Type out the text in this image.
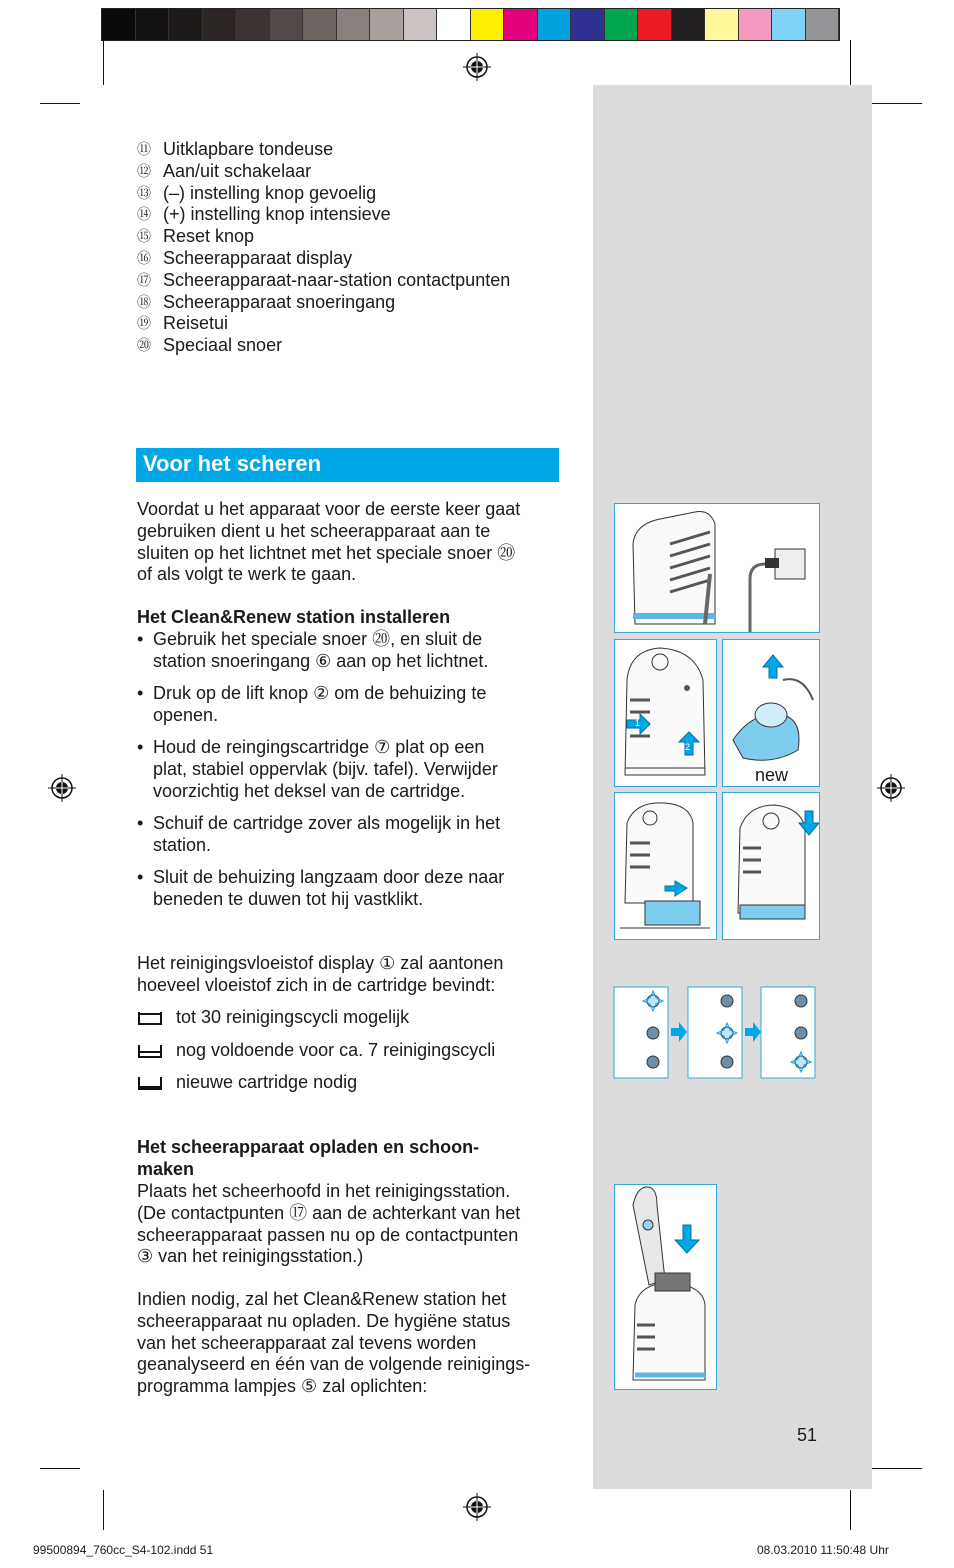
⑪ Uitklapbare tondeuse
⑫ Aan/uit schakelaar
⑬ (–) instelling knop gevoelig
⑭ (+) instelling knop intensieve
⑮ Reset knop
⑯ Scheerapparaat display
⑰ Scheerapparaat-naar-station contactpunten
⑱ Scheerapparaat snoeringang
⑲ Reisetui
⑳ Speciaal snoer
Voor het scheren
Voordat u het apparaat voor de eerste keer gaat
gebruiken dient u het scheerapparaat aan te
sluiten op het lichtnet met het speciale snoer ⑳
of als volgt te werk te gaan.
Het Clean&Renew station installeren
• Gebruik het speciale snoer ⑳, en sluit de
station snoeringang ⑥ aan op het lichtnet.
• Druk op de lift knop ② om de behuizing te
openen.
• Houd de reingingscartridge ⑦ plat op een
plat, stabiel oppervlak (bijv. tafel). Verwijder
voorzichtig het deksel van de cartridge.
• Schuif de cartridge zover als mogelijk in het
station.
• Sluit de behuizing langzaam door deze naar
beneden te duwen tot hij vastklikt.
Het reinigingsvloeistof display ① zal aantonen
hoeveel vloeistof zich in de cartridge bevindt:
tot 30 reinigingscycli mogelijk
nog voldoende voor ca. 7 reinigingscycli
nieuwe cartridge nodig
Het scheerapparaat opladen en schoon-
maken
Plaats het scheerhoofd in het reinigingsstation.
(De contactpunten ⑰ aan de achterkant van het
scheerapparaat passen nu op de contactpunten
③ van het reinigingsstation.)
Indien nodig, zal het Clean&Renew station het
scheerapparaat nu opladen. De hygiëne status
van het scheerapparaat zal tevens worden
geanalyseerd en één van de volgende reinigings-
programma lampjes ⑤ zal oplichten:
1
2
new
51
99500894_760cc_S4-102.indd 51	08.03.2010 11:50:48 Uhr
